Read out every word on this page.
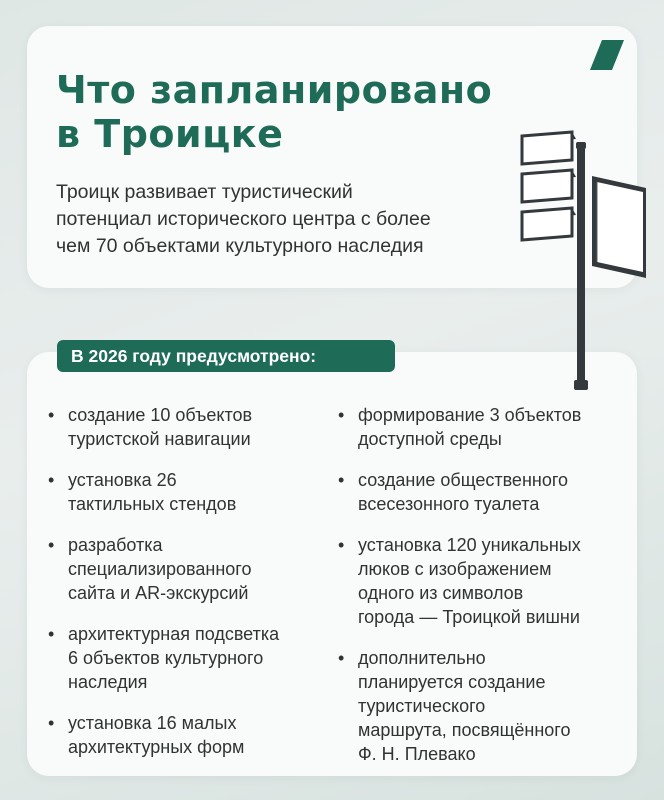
Что запланировано
в Троицке

Троицк развивает туристический
потенциал исторического центра с более
чем 70 объектами культурного наследия

В 2026 году предусмотрено:
• создание 10 объектов
туристской навигации
• установка 26
тактильных стендов
• разработка
специализированного
сайта и AR-экскурсий
• архитектурная подсветка
6 объектов культурного
наследия
• установка 16 малых
архитектурных форм
• формирование 3 объектов
доступной среды
• создание общественного
всесезонного туалета
• установка 120 уникальных
люков с изображением
одного из символов
города — Троицкой вишни
• дополнительно
планируется создание
туристического
маршрута, посвящённого
Ф. Н. Плевако
